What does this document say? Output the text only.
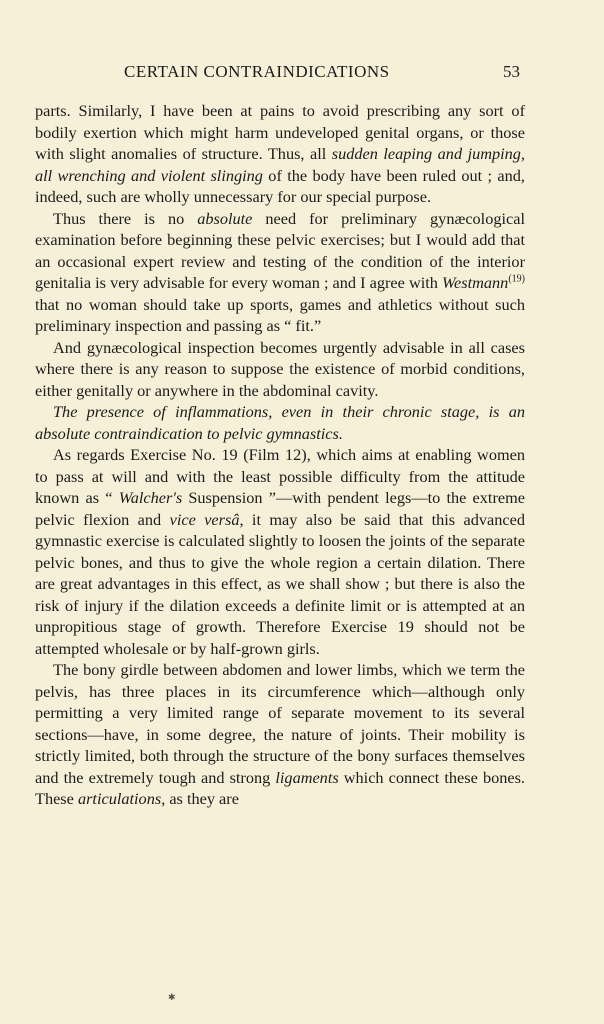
CERTAIN CONTRAINDICATIONS	53

parts. Similarly, I have been at pains to avoid prescribing any sort of bodily exertion which might harm undeveloped genital organs, or those with slight anomalies of structure. Thus, all sudden leaping and jumping, all wrenching and violent slinging of the body have been ruled out ; and, indeed, such are wholly unnecessary for our special purpose.

Thus there is no absolute need for preliminary gynæcological examination before beginning these pelvic exercises; but I would add that an occasional expert review and testing of the condition of the interior genitalia is very advisable for every woman ; and I agree with Westmann$^{(19)}$ that no woman should take up sports, games and athletics without such preliminary inspection and passing as “ fit.”

And gynæcological inspection becomes urgently advisable in all cases where there is any reason to suppose the existence of morbid conditions, either genitally or anywhere in the abdominal cavity.

The presence of inflammations, even in their chronic stage, is an absolute contraindication to pelvic gymnastics.

As regards Exercise No. 19 (Film 12), which aims at enabling women to pass at will and with the least possible difficulty from the attitude known as “ Walcher's Suspension ”—with pendent legs—to the extreme pelvic flexion and vice versâ, it may also be said that this advanced gymnastic exercise is calculated slightly to loosen the joints of the separate pelvic bones, and thus to give the whole region a certain dilation. There are great advantages in this effect, as we shall show ; but there is also the risk of injury if the dilation exceeds a definite limit or is attempted at an unpropitious stage of growth. Therefore Exercise 19 should not be attempted wholesale or by half-grown girls.

The bony girdle between abdomen and lower limbs, which we term the pelvis, has three places in its circumference which—although only permitting a very limited range of separate movement to its several sections—have, in some degree, the nature of joints. Their mobility is strictly limited, both through the structure of the bony surfaces themselves and the extremely tough and strong ligaments which connect these bones. These articulations, as they are

✱
